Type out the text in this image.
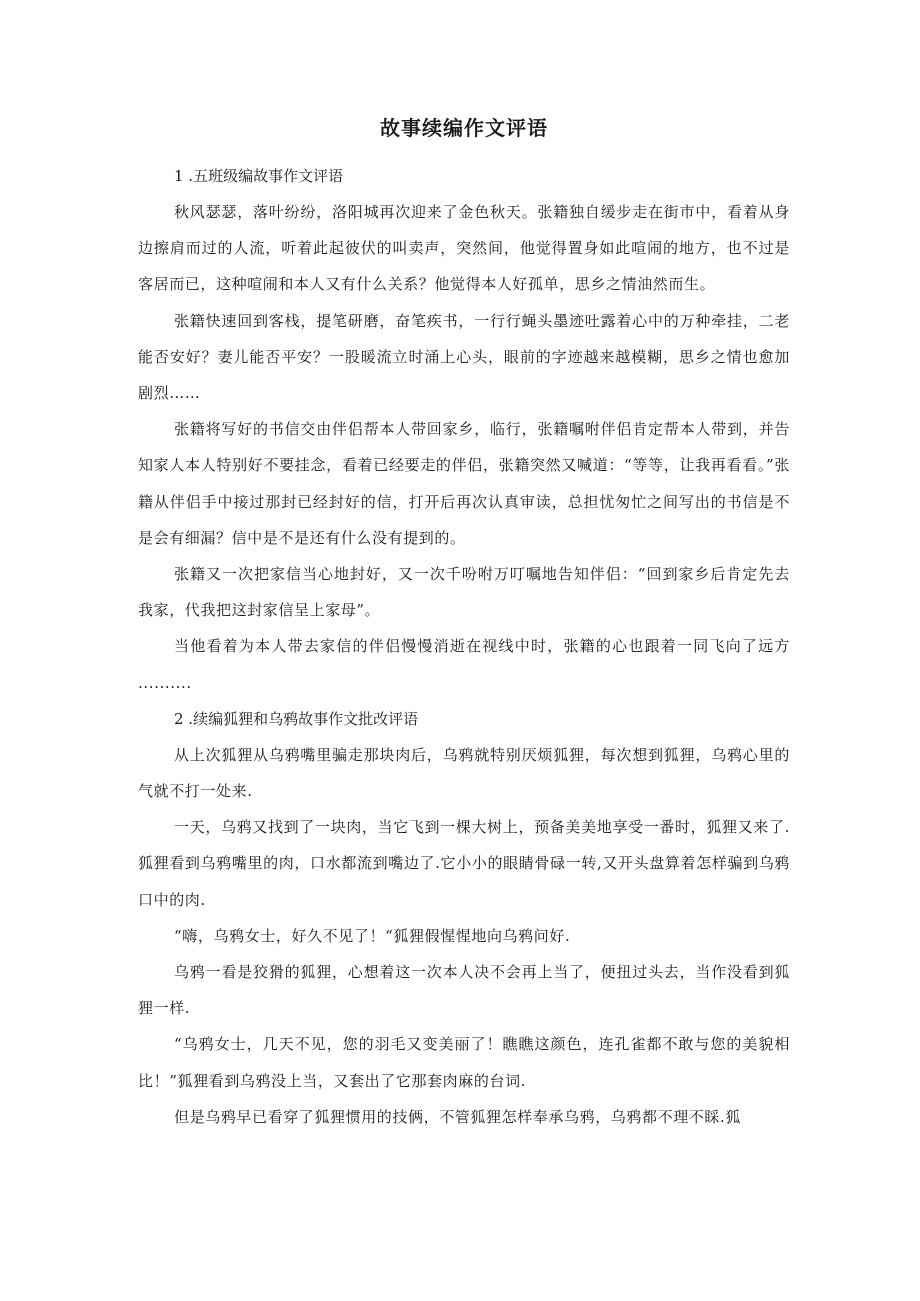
故事续编作文评语

1 .五班级编故事作文评语

秋风瑟瑟，落叶纷纷，洛阳城再次迎来了金色秋天。张籍独自缓步走在街市中，看着从身边擦肩而过的人流，听着此起彼伏的叫卖声，突然间，他觉得置身如此喧闹的地方，也不过是客居而已，这种喧闹和本人又有什么关系？他觉得本人好孤单，思乡之情油然而生。

张籍快速回到客栈，提笔研磨，奋笔疾书，一行行蝇头墨迹吐露着心中的万种牵挂，二老能否安好？妻儿能否平安？一股暖流立时涌上心头，眼前的字迹越来越模糊，思乡之情也愈加剧烈……

张籍将写好的书信交由伴侣帮本人带回家乡，临行，张籍嘱咐伴侣肯定帮本人带到，并告知家人本人特别好不要挂念，看着已经要走的伴侣，张籍突然又喊道：“等等，让我再看看。”张籍从伴侣手中接过那封已经封好的信，打开后再次认真审读，总担忧匆忙之间写出的书信是不是会有细漏？信中是不是还有什么没有提到的。

张籍又一次把家信当心地封好，又一次千吩咐万叮嘱地告知伴侣：“回到家乡后肯定先去我家，代我把这封家信呈上家母”。

当他看着为本人带去家信的伴侣慢慢消逝在视线中时，张籍的心也跟着一同飞向了远方 ..........

2 .续编狐狸和乌鸦故事作文批改评语

从上次狐狸从乌鸦嘴里骗走那块肉后，乌鸦就特别厌烦狐狸，每次想到狐狸，乌鸦心里的气就不打一处来.

一天，乌鸦又找到了一块肉，当它飞到一棵大树上，预备美美地享受一番时，狐狸又来了.狐狸看到乌鸦嘴里的肉，口水都流到嘴边了.它小小的眼睛骨碌一转,又开头盘算着怎样骗到乌鸦口中的肉.

“嗨，乌鸦女士，好久不见了！“狐狸假惺惺地向乌鸦问好.

乌鸦一看是狡猾的狐狸，心想着这一次本人决不会再上当了，便扭过头去，当作没看到狐狸一样.

“乌鸦女士，几天不见，您的羽毛又变美丽了！瞧瞧这颜色，连孔雀都不敢与您的美貌相比！”狐狸看到乌鸦没上当，又套出了它那套肉麻的台词.

但是乌鸦早已看穿了狐狸惯用的技俩，不管狐狸怎样奉承乌鸦，乌鸦都不理不睬.狐
